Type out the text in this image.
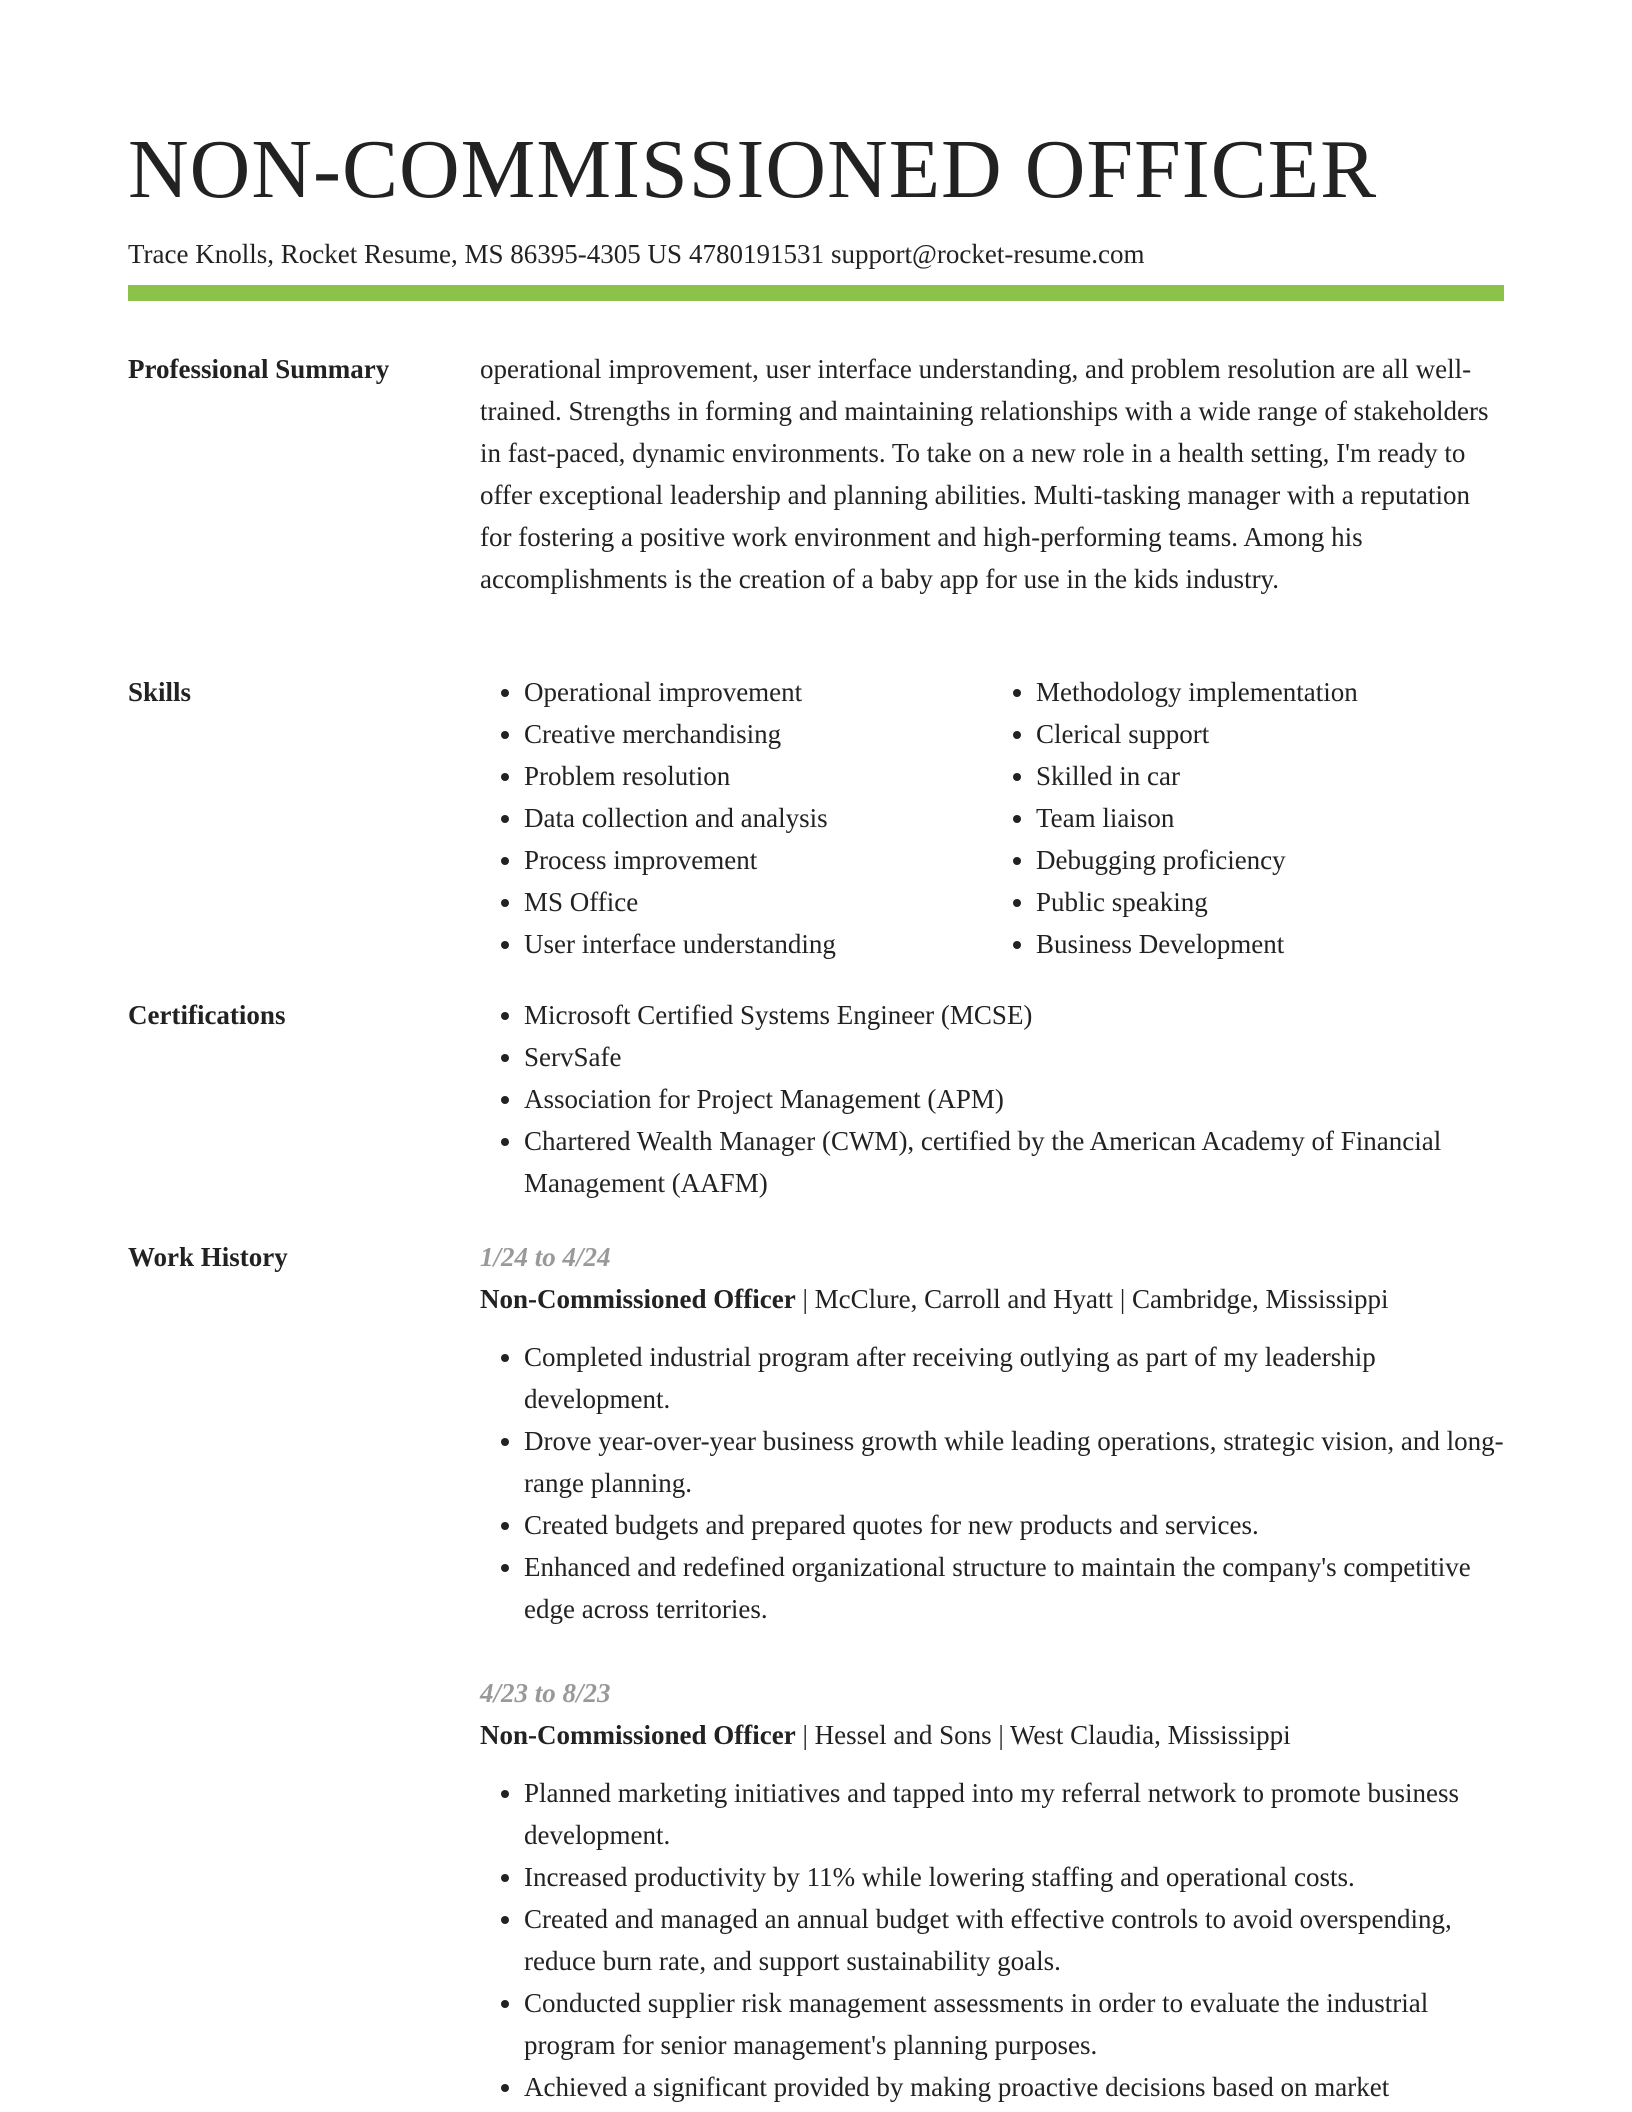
NON-COMMISSIONED OFFICER
Trace Knolls, Rocket Resume, MS 86395-4305 US 4780191531 support@rocket-resume.com
Professional Summary	operational improvement, user interface understanding, and problem resolution are all well-trained. Strengths in forming and maintaining relationships with a wide range of stakeholders in fast-paced, dynamic environments. To take on a new role in a health setting, I'm ready to offer exceptional leadership and planning abilities. Multi-tasking manager with a reputation for fostering a positive work environment and high-performing teams. Among his accomplishments is the creation of a baby app for use in the kids industry.

Skills	• Operational improvement
• Creative merchandising
• Problem resolution
• Data collection and analysis
• Process improvement
• MS Office
• User interface understanding
• Methodology implementation
• Clerical support
• Skilled in car
• Team liaison
• Debugging proficiency
• Public speaking
• Business Development
Certifications	• Microsoft Certified Systems Engineer (MCSE)
• ServSafe
• Association for Project Management (APM)
• Chartered Wealth Manager (CWM), certified by the American Academy of Financial Management (AAFM)
Work History	1/24 to 4/24
Non-Commissioned Officer | McClure, Carroll and Hyatt | Cambridge, Mississippi
• Completed industrial program after receiving outlying as part of my leadership development.
• Drove year-over-year business growth while leading operations, strategic vision, and long-range planning.
• Created budgets and prepared quotes for new products and services.
• Enhanced and redefined organizational structure to maintain the company's competitive edge across territories.
4/23 to 8/23
Non-Commissioned Officer | Hessel and Sons | West Claudia, Mississippi
• Planned marketing initiatives and tapped into my referral network to promote business development.
• Increased productivity by 11% while lowering staffing and operational costs.
• Created and managed an annual budget with effective controls to avoid overspending, reduce burn rate, and support sustainability goals.
• Conducted supplier risk management assessments in order to evaluate the industrial program for senior management's planning purposes.
• Achieved a significant provided by making proactive decisions based on market
